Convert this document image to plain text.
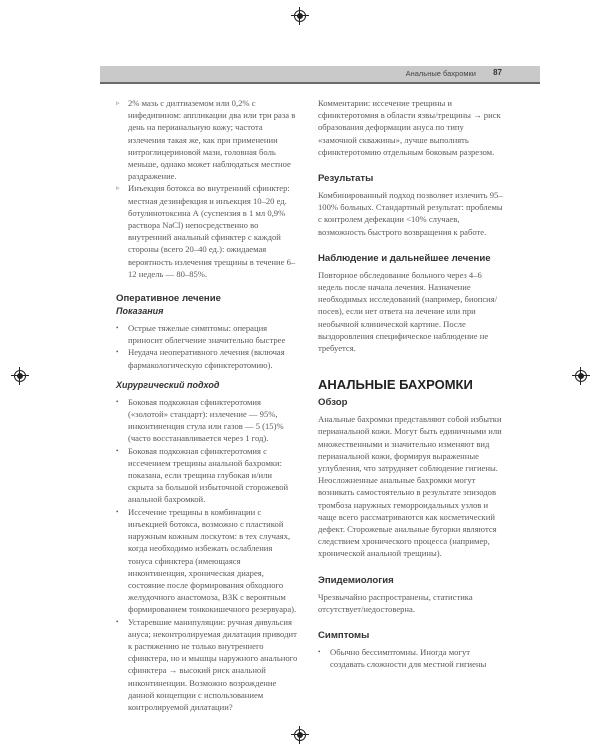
Анальные бахромки 87
▹ 2% мазь с дилтиаземом или 0,2% с нифедипином: аппликации два или три раза в день на перианальную кожу; частота излечения такая же, как при применении нитроглицериновой мази, головная боль меньше, однако может наблюдаться местное раздражение.
▹ Инъекция ботокса во внутренний сфинктер: местная дезинфекция и инъекция 10–20 ед. ботулинотоксина А (суспензия в 1 мл 0,9% раствора NaCl) непосредственно во внутренний анальный сфинктер с каждой стороны (всего 20–40 ед.): ожидаемая вероятность излечения трещины в течение 6–12 недель — 80–85%.
Оперативное лечение
Показания
• Острые тяжелые симптомы: операция приносит облегчение значительно быстрее
• Неудача неоперативного лечения (включая фармакологическую сфинктеротомию).
Хирургический подход
• Боковая подкожная сфинктеротомия («золотой» стандарт): излечение — 95%, инконтиненция стула или газов — 5 (15)% (часто восстанавливается через 1 год).
• Боковая подкожная сфинктеротомия с иссечением трещины анальной бахромки: показана, если трещина глубокая и/или скрыта за большой избыточной сторожевой анальной бахромкой.
• Иссечение трещины в комбинации с инъекцией ботокса, возможно с пластикой наружным кожным лоскутом: в тех случаях, когда необходимо избежать ослабления тонуса сфинктера (имеющаяся инконтиненция, хроническая диарея, состояние после формирования обходного желудочного анастомоза, ВЗК с вероятным формированием тонкокишечного резервуара).
• Устаревшие манипуляции: ручная дивульсия ануса; неконтролируемая дилатация приводит к растяжению не только внутреннего сфинктера, но и мышцы наружного анального сфинктера → высокий риск анальной инконтиненции. Возможно возрождение данной концепции с использованием контролируемой дилатации?

Комментарии: иссечение трещины и сфинктеротомия в области язвы/трещины → риск образования деформации ануса по типу «замочной скважины», лучше выполнять сфинктеротомию отдельным боковым разрезом.

Результаты

Комбинированный подход позволяет излечить 95–100% больных. Стандартный результат: проблемы с контролем дефекации <10% случаев, возможность быстрого возвращения к работе.

Наблюдение и дальнейшее лечение

Повторное обследование больного через 4–6 недель после начала лечения. Назначение необходимых исследований (например, биопсия/посев), если нет ответа на лечение или при необычной клинической картине. После выздоровления специфическое наблюдение не требуется.

АНАЛЬНЫЕ БАХРОМКИ
Обзор

Анальные бахромки представляют собой избытки перианальной кожи. Могут быть единичными или множественными и значительно изменяют вид перианальной кожи, формируя выраженные углубления, что затрудняет соблюдение гигиены. Неосложненные анальные бахромки могут возникать самостоятельно в результате эпизодов тромбоза наружных геморроидальных узлов и чаще всего рассматриваются как косметический дефект. Сторожевые анальные бугорки являются следствием хронического процесса (например, хронической анальной трещины).

Эпидемиология

Чрезвычайно распространены, статистика отсутствует/недостоверна.

Симптомы
• Обычно бессимптомны. Иногда могут создавать сложности для местной гигиены
